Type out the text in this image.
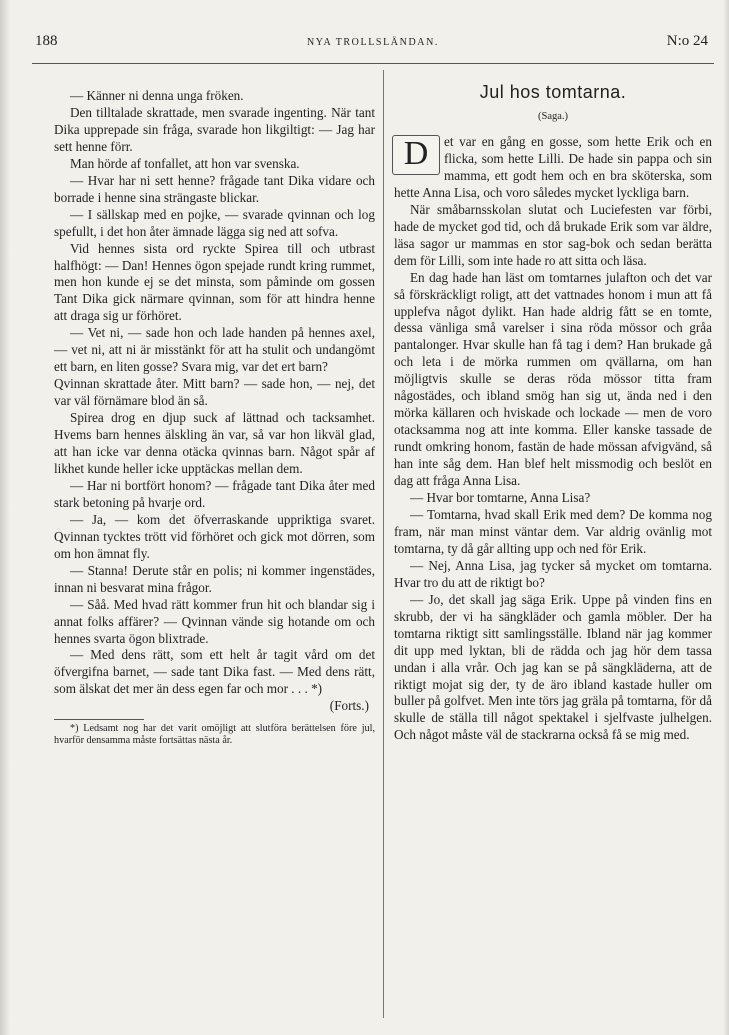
188	NYA TROLLSLÄNDAN.	N:o 24

— Känner ni denna unga fröken.

Den tilltalade skrattade, men svarade ingenting. När tant Dika upprepade sin fråga, svarade hon likgiltigt: — Jag har sett henne förr.

Man hörde af tonfallet, att hon var svenska.

— Hvar har ni sett henne? frågade tant Dika vidare och borrade i henne sina strängaste blickar.

— I sällskap med en pojke, — svarade qvinnan och log spefullt, i det hon åter ämnade lägga sig ned att sofva.

Vid hennes sista ord ryckte Spirea till och utbrast halfhögt: — Dan! Hennes ögon spejade rundt kring rummet, men hon kunde ej se det minsta, som påminde om gossen Tant Dika gick närmare qvinnan, som för att hindra henne att draga sig ur förhöret.

— Vet ni, — sade hon och lade handen på hennes axel, — vet ni, att ni är misstänkt för att ha stulit och undangömt ett barn, en liten gosse? Svara mig, var det ert barn?

Qvinnan skrattade åter. Mitt barn? — sade hon, — nej, det var väl förnämare blod än så.

Spirea drog en djup suck af lättnad och tacksamhet. Hvems barn hennes älskling än var, så var hon likväl glad, att han icke var denna otäcka qvinnas barn. Något spår af likhet kunde heller icke upptäckas mellan dem.

— Har ni bortfört honom? — frågade tant Dika åter med stark betoning på hvarje ord.

— Ja, — kom det öfverraskande uppriktiga svaret. Qvinnan tycktes trött vid förhöret och gick mot dörren, som om hon ämnat fly.

— Stanna! Derute står en polis; ni kommer ingenstädes, innan ni besvarat mina frågor.

— Såå. Med hvad rätt kommer frun hit och blandar sig i annat folks affärer? — Qvinnan vände sig hotande om och hennes svarta ögon blixtrade.

— Med dens rätt, som ett helt år tagit vård om det öfvergifna barnet, — sade tant Dika fast. — Med dens rätt, som älskat det mer än dess egen far och mor . . . *)

(Forts.)

*) Ledsamt nog har det varit omöjligt att slutföra berättelsen före jul, hvarför densamma måste fortsättas nästa år.

Jul hos tomtarna.
(Saga.)
D	et var en gång en gosse, som hette Erik och en flicka, som hette Lilli. De hade sin pappa och sin mamma, ett godt hem och en bra sköterska, som hette Anna Lisa, och voro således mycket lyckliga barn.

När småbarnsskolan slutat och Luciefesten var förbi, hade de mycket god tid, och då brukade Erik som var äldre, läsa sagor ur mammas en stor sag-bok och sedan berätta dem för Lilli, som inte hade ro att sitta och läsa.

En dag hade han läst om tomtarnes julafton och det var så förskräckligt roligt, att det vattnades honom i mun att få upplefva något dylikt. Han hade aldrig fått se en tomte, dessa vänliga små varelser i sina röda mössor och gråa pantalonger. Hvar skulle han få tag i dem? Han brukade gå och leta i de mörka rummen om qvällarna, om han möjligtvis skulle se deras röda mössor titta fram någostädes, och ibland smög han sig ut, ända ned i den mörka källaren och hviskade och lockade — men de voro otacksamma nog att inte komma. Eller kanske tassade de rundt omkring honom, fastän de hade mössan afvigvänd, så han inte såg dem. Han blef helt missmodig och beslöt en dag att fråga Anna Lisa.

— Hvar bor tomtarne, Anna Lisa?

— Tomtarna, hvad skall Erik med dem? De komma nog fram, när man minst väntar dem. Var aldrig ovänlig mot tomtarna, ty då går allting upp och ned för Erik.

— Nej, Anna Lisa, jag tycker så mycket om tomtarna. Hvar tro du att de riktigt bo?

— Jo, det skall jag säga Erik. Uppe på vinden fins en skrubb, der vi ha sängkläder och gamla möbler. Der ha tomtarna riktigt sitt samlingsställe. Ibland när jag kommer dit upp med lyktan, bli de rädda och jag hör dem tassa undan i alla vrår. Och jag kan se på sängkläderna, att de riktigt mojat sig der, ty de äro ibland kastade huller om buller på golfvet. Men inte törs jag gräla på tomtarna, för då skulle de ställa till något spektakel i sjelfvaste julhelgen. Och något måste väl de stackrarna också få se mig med.
